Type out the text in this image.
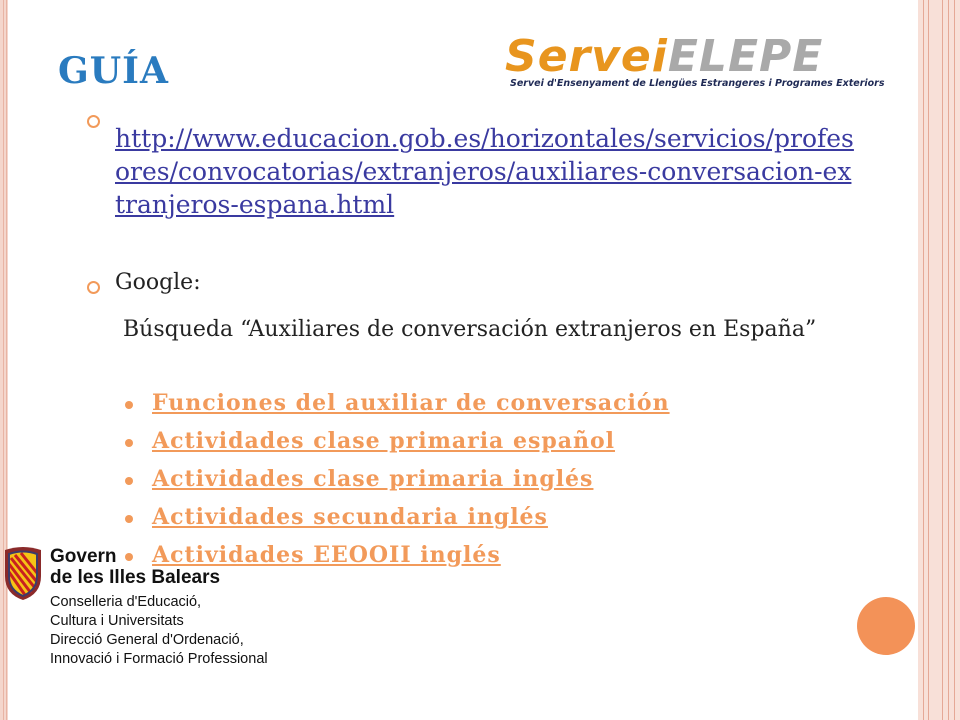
GUÍA	ServeiELEPE
Servei d'Ensenyament de Llengües Estrangeres i Programes Exteriors
http://www.educacion.gob.es/horizontales/servicios/profesores/convocatorias/extranjeros/auxiliares-conversacion-extranjeros-espana.html
Google:
Búsqueda “Auxiliares de conversación extranjeros en España”
Funciones del auxiliar de conversación
Actividades clase primaria español
Actividades clase primaria inglés
Actividades secundaria inglés
Actividades EEOOII inglés
Govern
de les Illes Balears
Conselleria d'Educació,
Cultura i Universitats
Direcció General d'Ordenació,
Innovació i Formació Professional
